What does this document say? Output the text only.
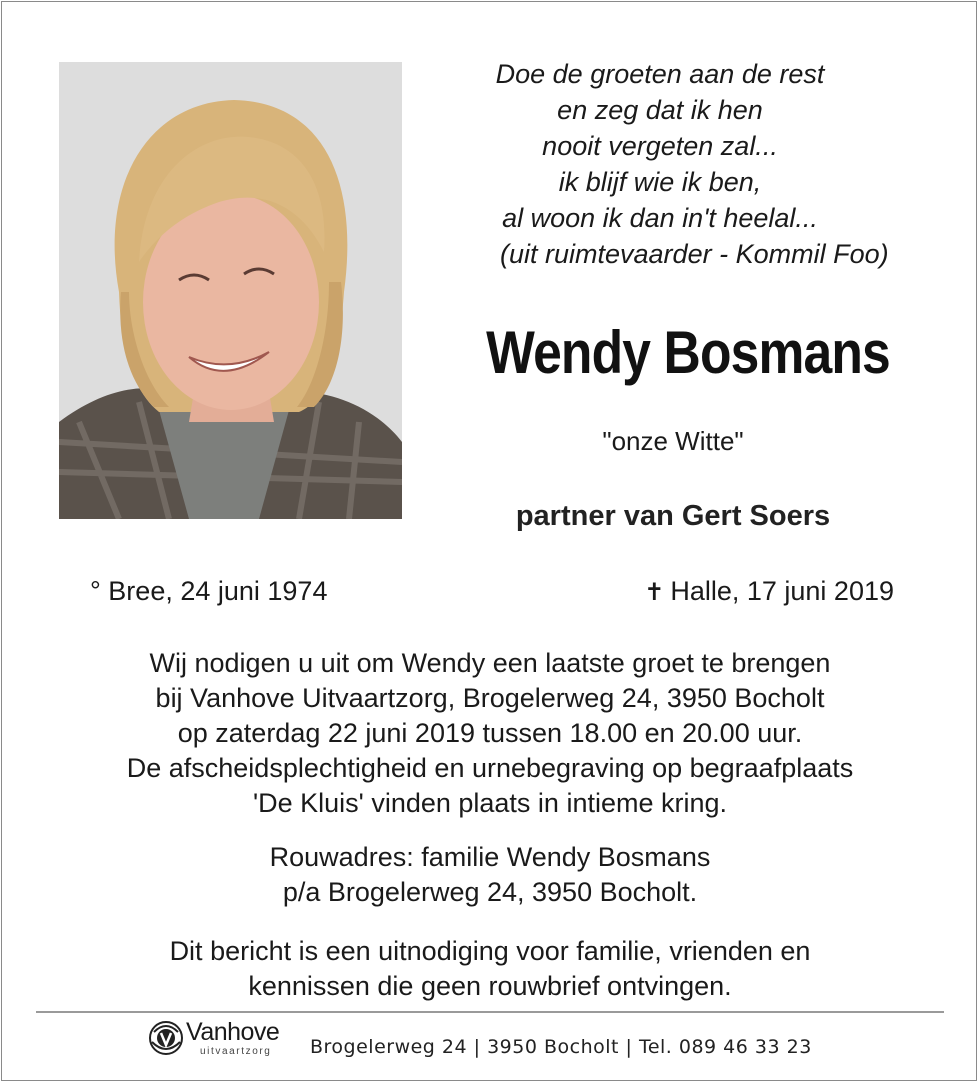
Doe de groeten aan de rest
en zeg dat ik hen
nooit vergeten zal...
ik blijf wie ik ben,
al woon ik dan in't heelal...
(uit ruimtevaarder - Kommil Foo)
Wendy Bosmans
"onze Witte"
partner van Gert Soers
° Bree, 24 juni 1974	✝ Halle, 17 juni 2019
Wij nodigen u uit om Wendy een laatste groet te brengen
bij Vanhove Uitvaartzorg, Brogelerweg 24, 3950 Bocholt
op zaterdag 22 juni 2019 tussen 18.00 en 20.00 uur.
De afscheidsplechtigheid en urnebegraving op begraafplaats
'De Kluis' vinden plaats in intieme kring.
Rouwadres: familie Wendy Bosmans
p/a Brogelerweg 24, 3950 Bocholt.
Dit bericht is een uitnodiging voor familie, vrienden en
kennissen die geen rouwbrief ontvingen.
Vanhove
uitvaartzorg Brogelerweg 24 | 3950 Bocholt | Tel. 089 46 33 23
